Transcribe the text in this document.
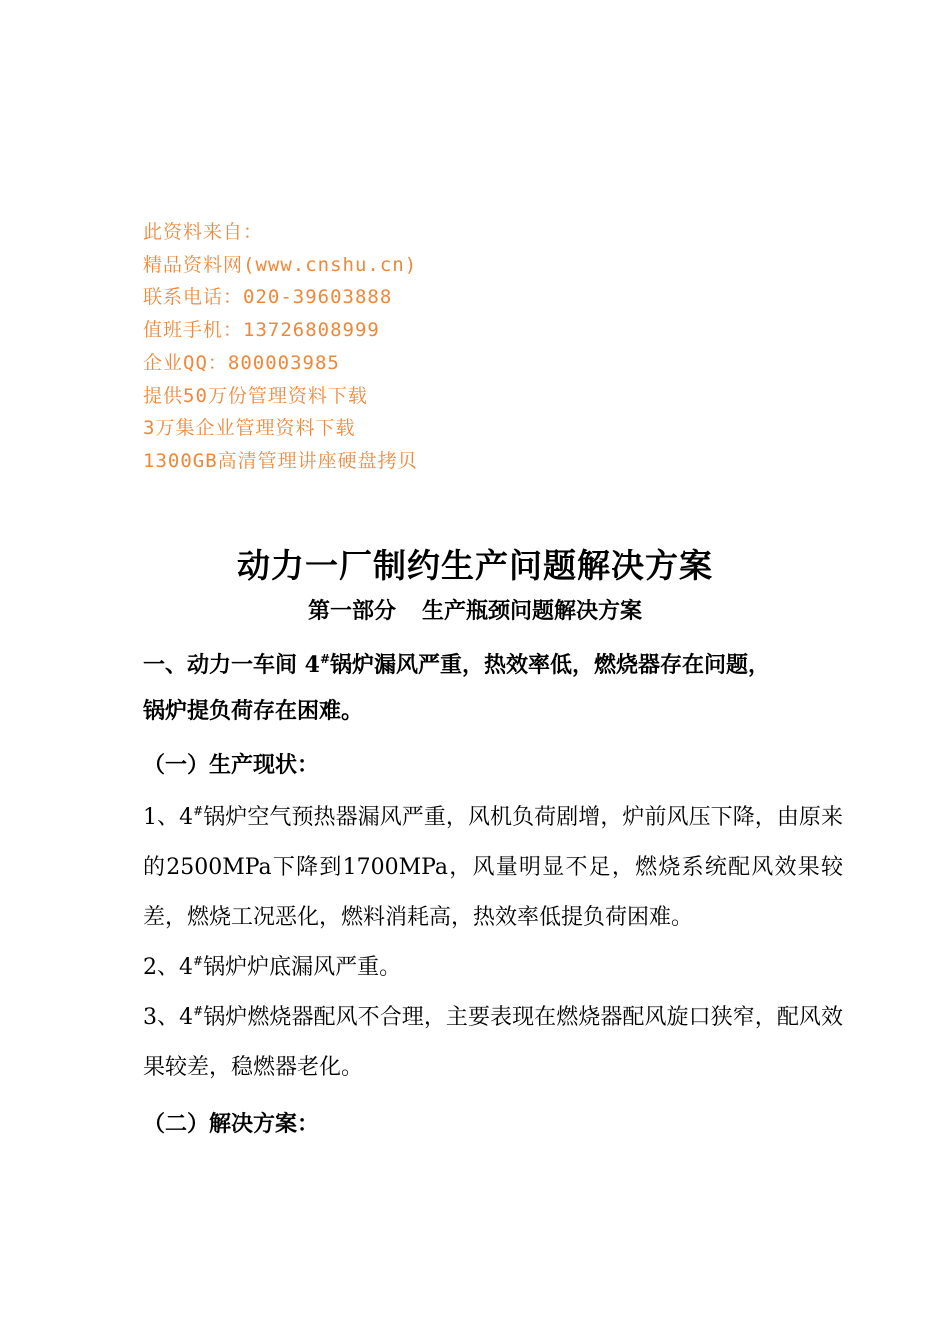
此资料来自：
精品资料网(www.cnshu.cn)
联系电话：020-39603888
值班手机：13726808999
企业QQ：800003985
提供50万份管理资料下载
3万集企业管理资料下载
1300GB高清管理讲座硬盘拷贝
动力一厂制约生产问题解决方案
第一部分 生产瓶颈问题解决方案

一、动力一车间 4#锅炉漏风严重，热效率低，燃烧器存在问题，
锅炉提负荷存在困难。

（一）生产现状：

1、4#锅炉空气预热器漏风严重，风机负荷剧增，炉前风压下降，由原来的2500MPa下降到1700MPa，风量明显不足，燃烧系统配风效果较差，燃烧工况恶化，燃料消耗高，热效率低提负荷困难。

2、4#锅炉炉底漏风严重。

3、4#锅炉燃烧器配风不合理，主要表现在燃烧器配风旋口狭窄，配风效果较差，稳燃器老化。

（二）解决方案：
